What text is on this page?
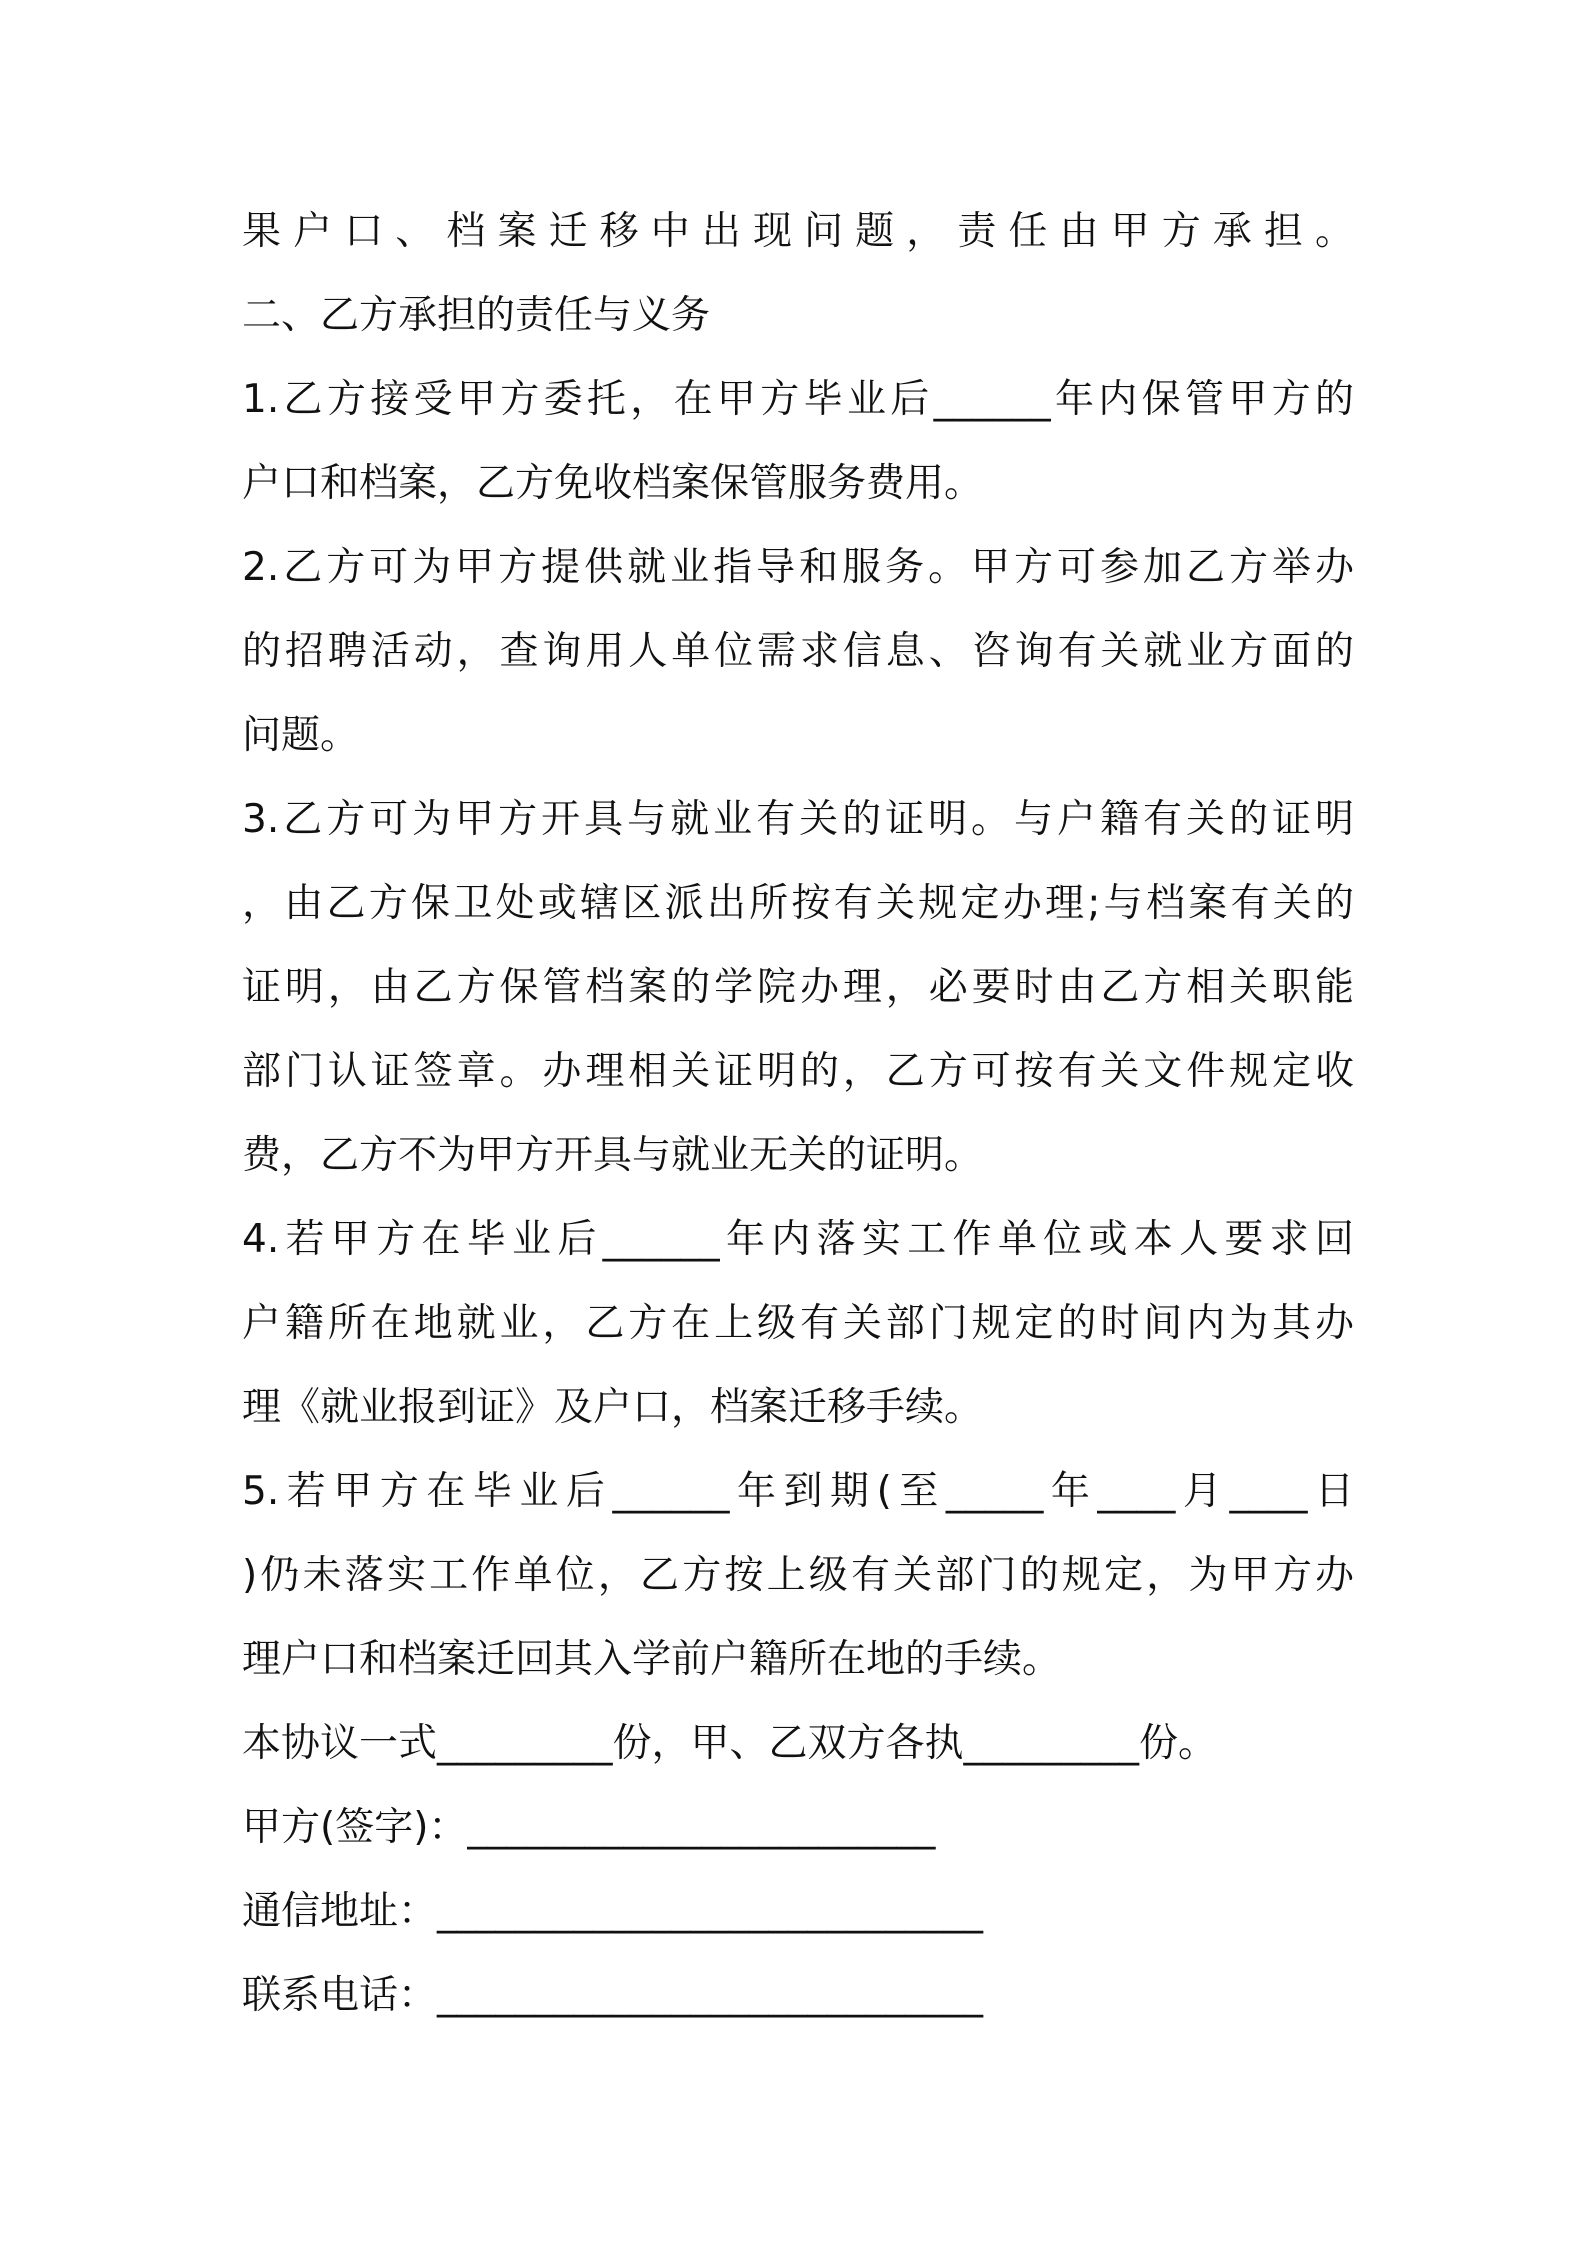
果户口、档案迁移中出现问题，责任由甲方承担。
二、乙方承担的责任与义务
1.乙方接受甲方委托，在甲方毕业后______年内保管甲方的
户口和档案，乙方免收档案保管服务费用。
2.乙方可为甲方提供就业指导和服务。甲方可参加乙方举办
的招聘活动，查询用人单位需求信息、咨询有关就业方面的
问题。
3.乙方可为甲方开具与就业有关的证明。与户籍有关的证明
，由乙方保卫处或辖区派出所按有关规定办理;与档案有关的
证明，由乙方保管档案的学院办理，必要时由乙方相关职能
部门认证签章。办理相关证明的，乙方可按有关文件规定收
费，乙方不为甲方开具与就业无关的证明。
4.若甲方在毕业后______年内落实工作单位或本人要求回
户籍所在地就业，乙方在上级有关部门规定的时间内为其办
理《就业报到证》及户口，档案迁移手续。
5.若甲方在毕业后______年到期(至_____年____月____日
)仍未落实工作单位，乙方按上级有关部门的规定，为甲方办
理户口和档案迁回其入学前户籍所在地的手续。
本协议一式_________份，甲、乙双方各执_________份。
甲方(签字)：________________________
通信地址：____________________________
联系电话：____________________________
